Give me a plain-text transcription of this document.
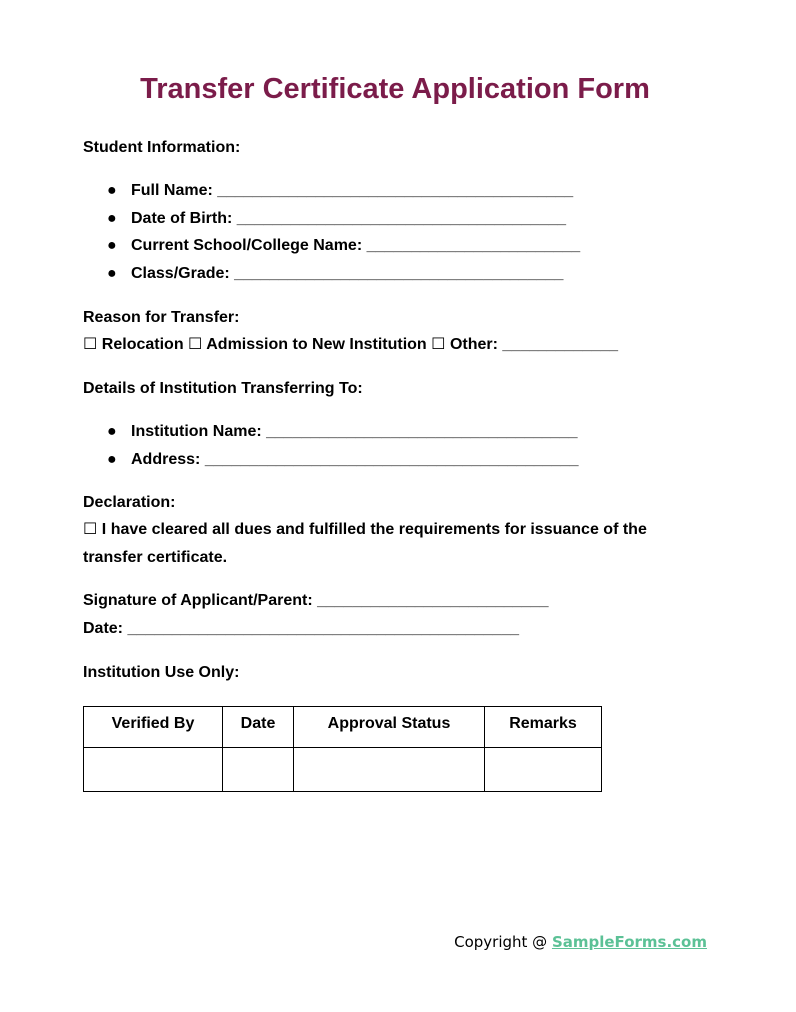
Transfer Certificate Application Form
Student Information:
● Full Name: ________________________________________
● Date of Birth: _____________________________________
● Current School/College Name: ________________________
● Class/Grade: _____________________________________
Reason for Transfer:
☐ Relocation ☐ Admission to New Institution ☐ Other: _____________
Details of Institution Transferring To:
● Institution Name: ___________________________________
● Address: __________________________________________
Declaration:
☐ I have cleared all dues and fulfilled the requirements for issuance of the
transfer certificate.
Signature of Applicant/Parent: __________________________
Date: ____________________________________________
Institution Use Only:
Verified By	Date	Approval Status	Remarks

Copyright @ SampleForms.com
